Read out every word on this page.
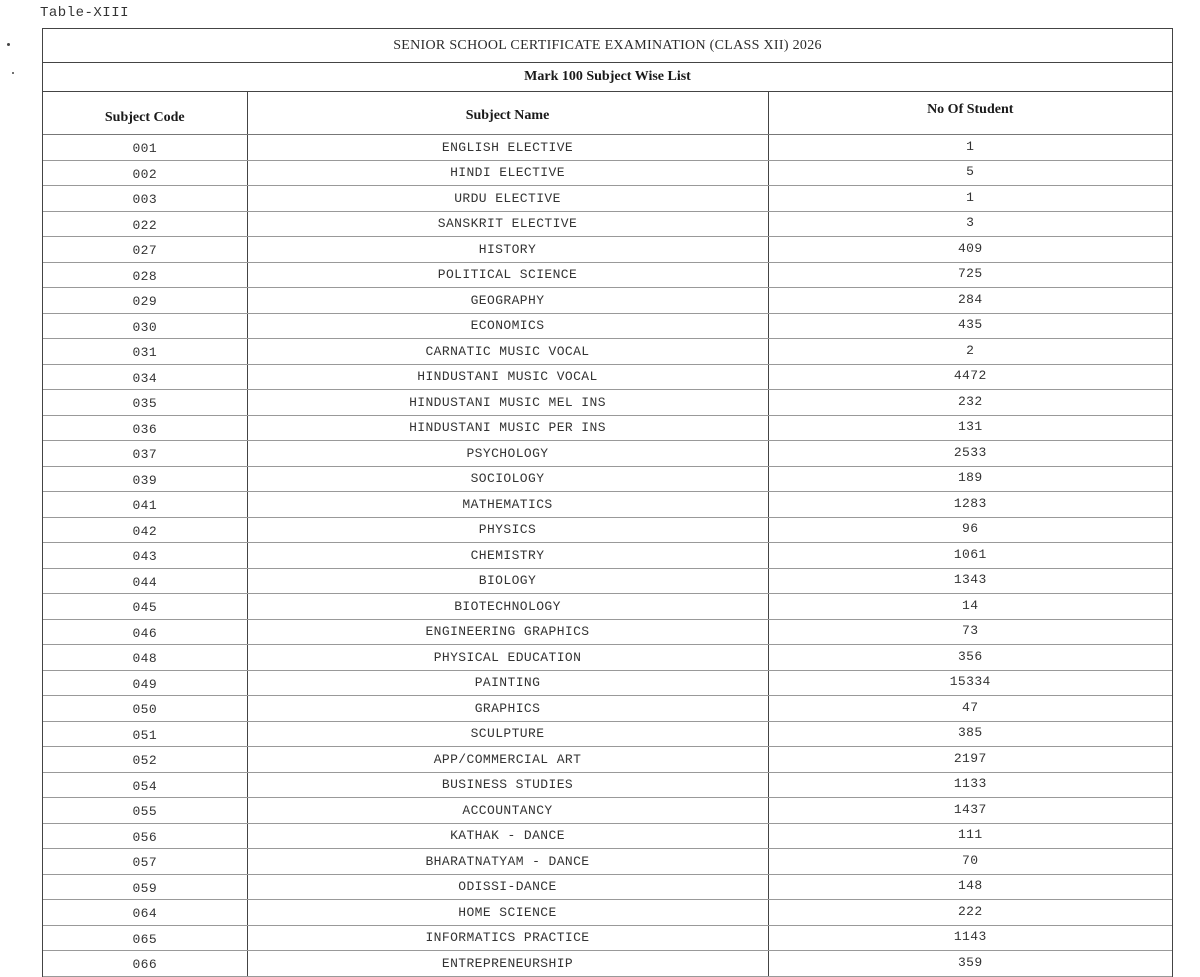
Table-XIII
SENIOR SCHOOL CERTIFICATE EXAMINATION (CLASS XII) 2026
Mark 100 Subject Wise List
Subject Code	Subject Name	No Of Student
001	ENGLISH ELECTIVE	1
002	HINDI ELECTIVE	5
003	URDU ELECTIVE	1
022	SANSKRIT ELECTIVE	3
027	HISTORY	409
028	POLITICAL SCIENCE	725
029	GEOGRAPHY	284
030	ECONOMICS	435
031	CARNATIC MUSIC VOCAL	2
034	HINDUSTANI MUSIC VOCAL	4472
035	HINDUSTANI MUSIC MEL INS	232
036	HINDUSTANI MUSIC PER INS	131
037	PSYCHOLOGY	2533
039	SOCIOLOGY	189
041	MATHEMATICS	1283
042	PHYSICS	96
043	CHEMISTRY	1061
044	BIOLOGY	1343
045	BIOTECHNOLOGY	14
046	ENGINEERING GRAPHICS	73
048	PHYSICAL EDUCATION	356
049	PAINTING	15334
050	GRAPHICS	47
051	SCULPTURE	385
052	APP/COMMERCIAL ART	2197
054	BUSINESS STUDIES	1133
055	ACCOUNTANCY	1437
056	KATHAK - DANCE	111
057	BHARATNATYAM - DANCE	70
059	ODISSI-DANCE	148
064	HOME SCIENCE	222
065	INFORMATICS PRACTICE	1143
066	ENTREPRENEURSHIP	359
